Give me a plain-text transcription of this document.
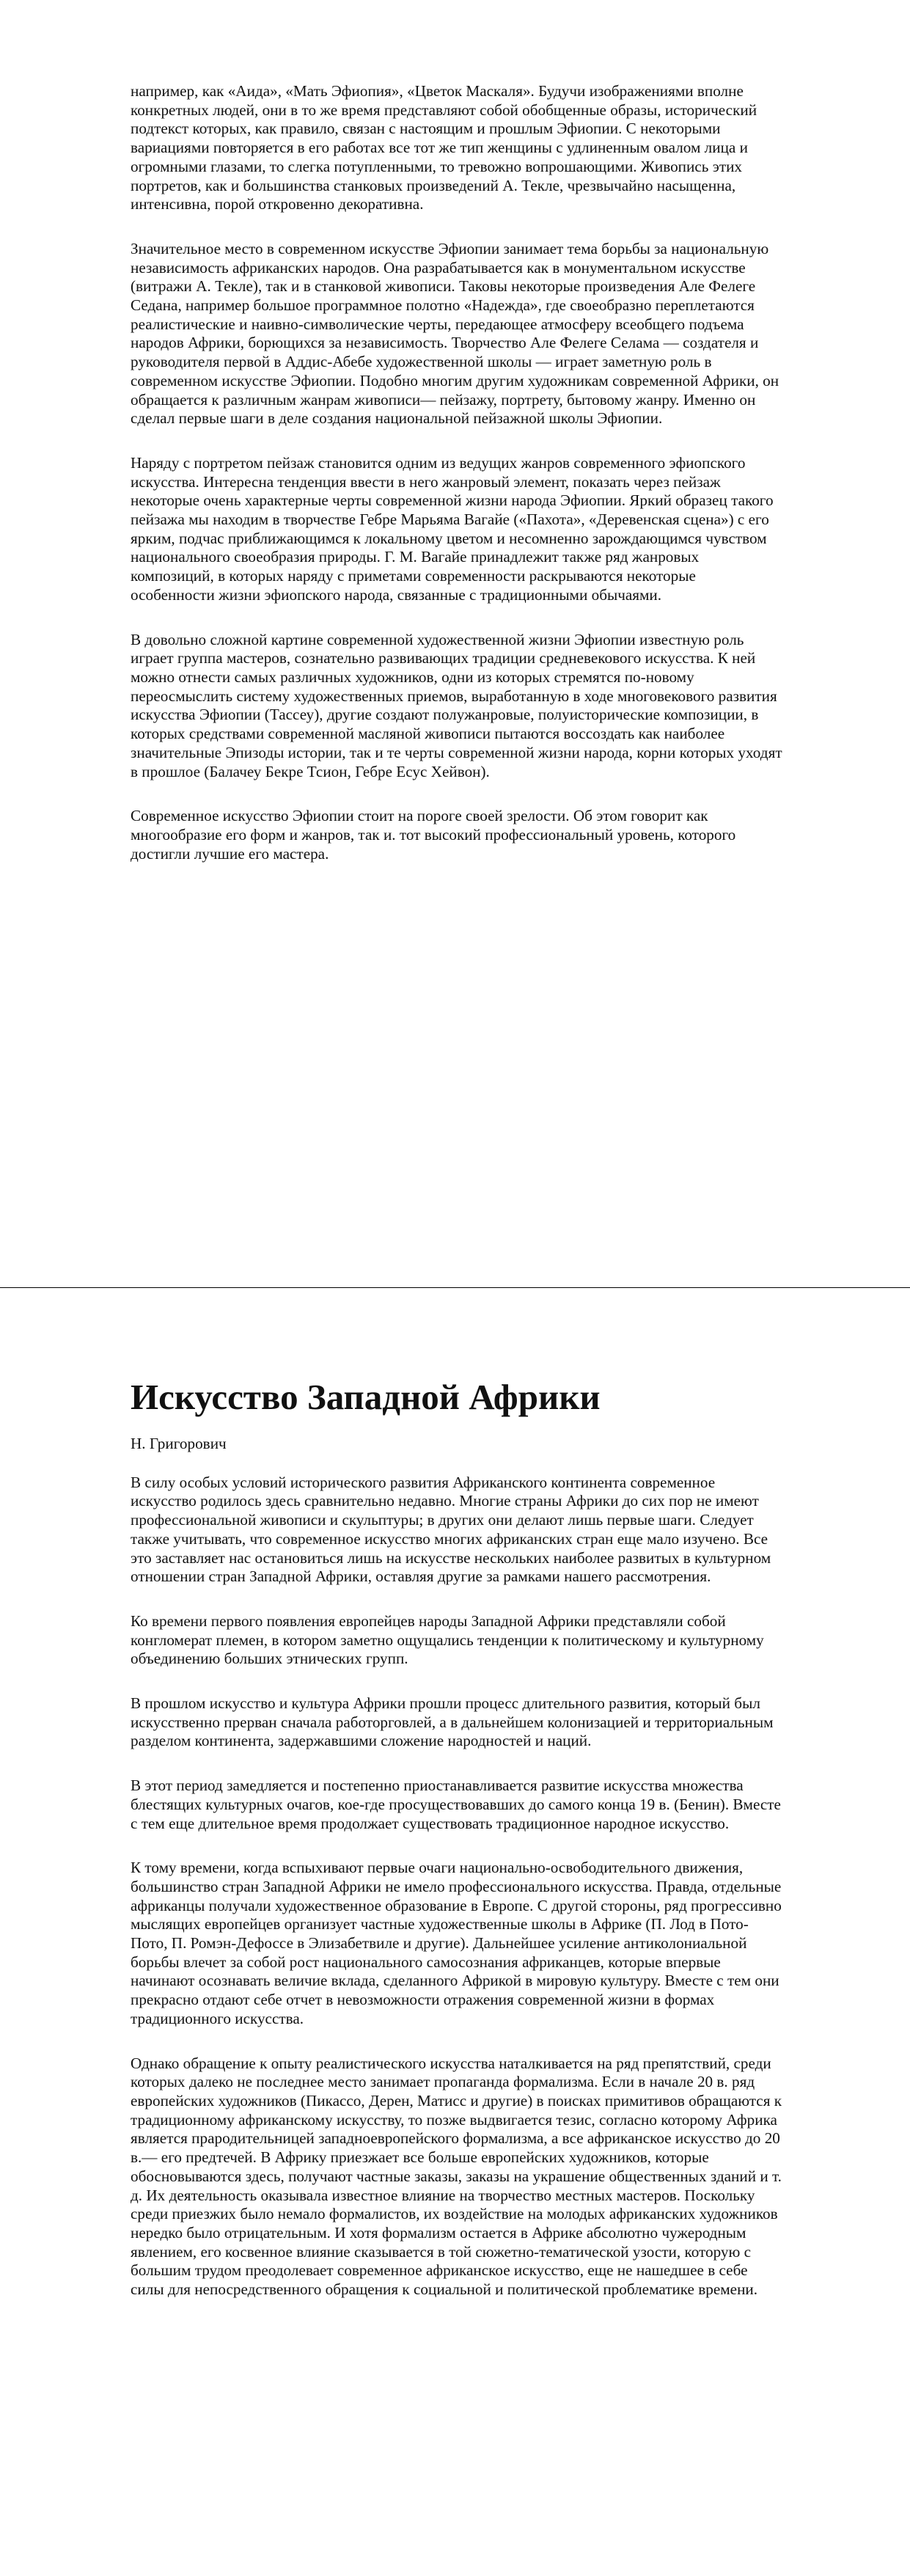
например, как «Аида», «Мать Эфиопия», «Цветок Маскаля». Будучи изображениями вполне конкретных людей, они в то же время представляют собой обобщенные образы, исторический подтекст которых, как правило, связан с настоящим и прошлым Эфиопии. С некоторыми вариациями повторяется в его работах все тот же тип женщины с удлиненным овалом лица и огромными глазами, то слегка потупленными, то тревожно вопрошающими. Живопись этих портретов, как и большинства станковых произведений А. Текле, чрезвычайно насыщенна, интенсивна, порой откровенно декоративна.

Значительное место в современном искусстве Эфиопии занимает тема борьбы за национальную независимость африканских народов. Она разрабатывается как в монументальном искусстве (витражи А. Текле), так и в станковой живописи. Таковы некоторые произведения Але Фелеге Седана, например большое программное полотно «Надежда», где своеобразно переплетаются реалистические и наивно-символические черты, передающее атмосферу всеобщего подъема народов Африки, борющихся за независимость. Творчество Але Фелеге Селама — создателя и руководителя первой в Аддис-Абебе художественной школы — играет заметную роль в современном искусстве Эфиопии. Подобно многим другим художникам современной Африки, он обращается к различным жанрам живописи— пейзажу, портрету, бытовому жанру. Именно он сделал первые шаги в деле создания национальной пейзажной школы Эфиопии.

Наряду с портретом пейзаж становится одним из ведущих жанров современного эфиопского искусства. Интересна тенденция ввести в него жанровый элемент, показать через пейзаж некоторые очень характерные черты современной жизни народа Эфиопии. Яркий образец такого пейзажа мы находим в творчестве Гебре Марьяма Вагайе («Пахота», «Деревенская сцена») с его ярким, подчас приближающимся к локальному цветом и несомненно зарождающимся чувством национального своеобразия природы. Г. М. Вагайе принадлежит также ряд жанровых композиций, в которых наряду с приметами современности раскрываются некоторые особенности жизни эфиопского народа, связанные с традиционными обычаями.

В довольно сложной картине современной художественной жизни Эфиопии известную роль играет группа мастеров, сознательно развивающих традиции средневекового искусства. К ней можно отнести самых различных художников, одни из которых стремятся по-новому переосмыслить систему художественных приемов, выработанную в ходе многовекового развития искусства Эфиопии (Тассеу), другие создают полужанровые, полуисторические композиции, в которых средствами современной масляной живописи пытаются воссоздать как наиболее значительные Эпизоды истории, так и те черты современной жизни народа, корни которых уходят в прошлое (Балачеу Бекре Тсион, Гебре Есус Хейвон).

Современное искусство Эфиопии стоит на пороге своей зрелости. Об этом говорит как многообразие его форм и жанров, так и. тот высокий профессиональный уровень, которого достигли лучшие его мастера.

Искусство Западной Африки

Н. Григорович

В силу особых условий исторического развития Африканского континента современное искусство родилось здесь сравнительно недавно. Многие страны Африки до сих пор не имеют профессиональной живописи и скульптуры; в других они делают лишь первые шаги. Следует также учитывать, что современное искусство многих африканских стран еще мало изучено. Все это заставляет нас остановиться лишь на искусстве нескольких наиболее развитых в культурном отношении стран Западной Африки, оставляя другие за рамками нашего рассмотрения.

Ко времени первого появления европейцев народы Западной Африки представляли собой конгломерат племен, в котором заметно ощущались тенденции к политическому и культурному объединению больших этнических групп.

В прошлом искусство и культура Африки прошли процесс длительного развития, который был искусственно прерван сначала работорговлей, а в дальнейшем колонизацией и территориальным разделом континента, задержавшими сложение народностей и наций.

В этот период замедляется и постепенно приостанавливается развитие искусства множества блестящих культурных очагов, кое-где просуществовавших до самого конца 19 в. (Бенин). Вместе с тем еще длительное время продолжает существовать традиционное народное искусство.

К тому времени, когда вспыхивают первые очаги национально-освободительного движения, большинство стран Западной Африки не имело профессионального искусства. Правда, отдельные африканцы получали художественное образование в Европе. С другой стороны, ряд прогрессивно мыслящих европейцев организует частные художественные школы в Африке (П. Лод в Пото-Пото, П. Ромэн-Дефоссе в Элизабетвиле и другие). Дальнейшее усиление антиколониальной борьбы влечет за собой рост национального самосознания африканцев, которые впервые начинают осознавать величие вклада, сделанного Африкой в мировую культуру. Вместе с тем они прекрасно отдают себе отчет в невозможности отражения современной жизни в формах традиционного искусства.

Однако обращение к опыту реалистического искусства наталкивается на ряд препятствий, среди которых далеко не последнее место занимает пропаганда формализма. Если в начале 20 в. ряд европейских художников (Пикассо, Дерен, Матисс и другие) в поисках примитивов обращаются к традиционному африканскому искусству, то позже выдвигается тезис, согласно которому Африка является прародительницей западноевропейского формализма, а все африканское искусство до 20 в.— его предтечей. В Африку приезжает все больше европейских художников, которые обосновываются здесь, получают частные заказы, заказы на украшение общественных зданий и т. д. Их деятельность оказывала известное влияние на творчество местных мастеров. Поскольку среди приезжих было немало формалистов, их воздействие на молодых африканских художников нередко было отрицательным. И хотя формализм остается в Африке абсолютно чужеродным явлением, его косвенное влияние сказывается в той сюжетно-тематической узости, которую с большим трудом преодолевает современное африканское искусство, еще не нашедшее в себе силы для непосредственного обращения к социальной и политической проблематике времени.
